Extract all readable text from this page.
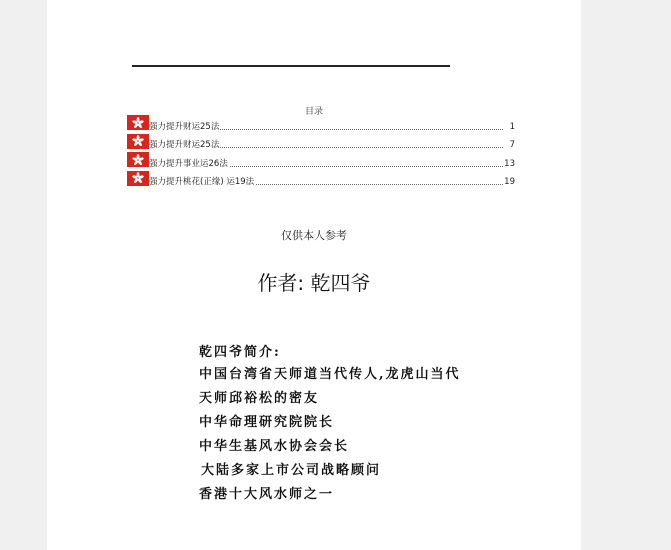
目录
强力提升财运25法	1
强力提升财运25法	7
强力提升事业运26法	13
强力提升桃花(正缘) 运19法	19
仅供本人参考
作者: 乾四爷
乾四爷简介:
中国台湾省天师道当代传人,龙虎山当代
天师邱裕松的密友
中华命理研究院院长
中华生基风水协会会长
大陆多家上市公司战略顾问
香港十大风水师之一
